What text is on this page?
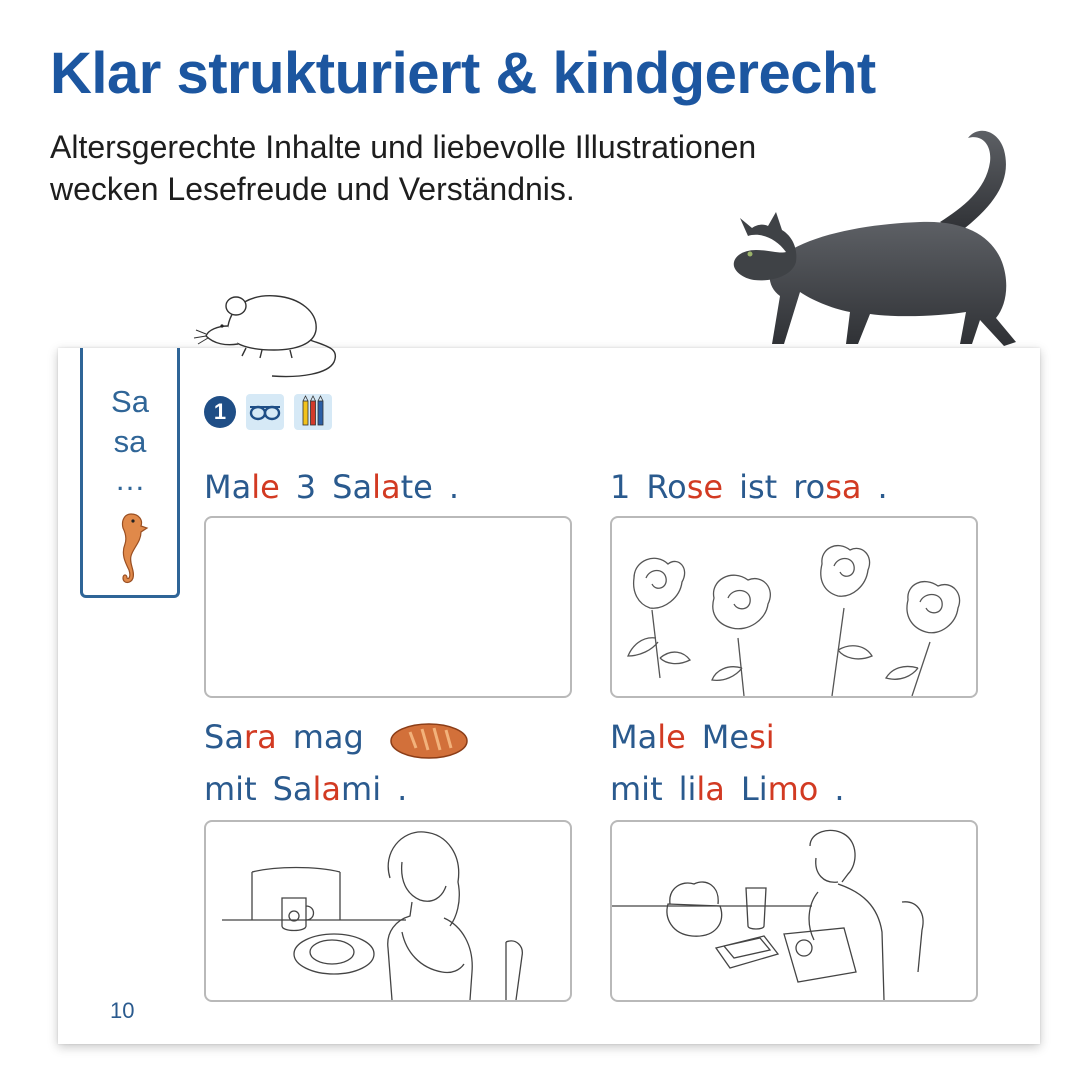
Klar strukturiert & kindgerecht
Altersgerechte Inhalte und liebevolle Illustrationen
wecken Lesefreude und Verständnis.
Sa
sa
…
1
Male 3 Salate .	1 Rose ist rosa .
Sara mag
mit Salami .
Male Mesi
mit lila Limo .
10
